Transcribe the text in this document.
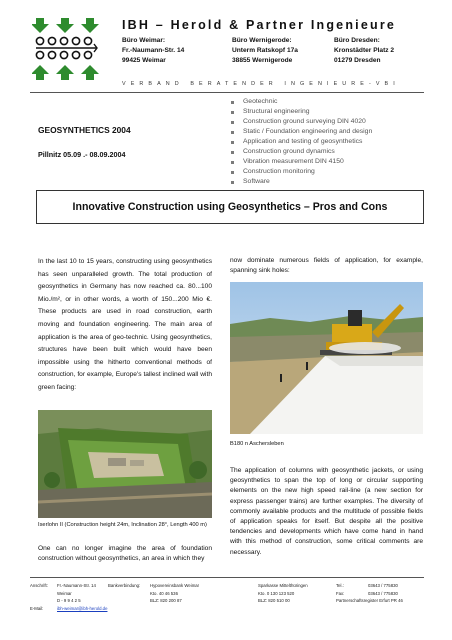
IBH – Herold & Partner Ingenieure
Büro Weimar:
Fr.-Naumann-Str. 14
99425 Weimar
Büro Wernigerode:
Unterm Ratskopf 17a
38855 Wernigerode
Büro Dresden:
Kronstädter Platz 2
01279 Dresden
VERBAND BERATENDER INGENIEURE-VBI
GEOSYNTHETICS 2004
Pillnitz 05.09 .- 08.09.2004
Geotechnic
Structural engineering
Construction ground surveying DIN 4020
Static / Foundation engineering and design
Application and testing of geosynthetics
Construction ground dynamics
Vibration measurement DIN 4150
Construction monitoring
Software
Innovative Construction using Geosynthetics – Pros and Cons
In the last 10 to 15 years, constructing using geosynthetics has seen unparalleled growth. The total production of geosynthetics in Germany has now reached ca. 80...100 Mio./m², or in other words, a worth of 150...200 Mio €. These products are used in road construction, earth moving and foundation engineering. The main area of application is the area of geo-technic. Using geosynthetics, structures have been built which would have been impossible using the hitherto conventional methods of construction, for example, Europe's tallest inclined wall with green facing:
now dominate numerous fields of application, for example, spanning sink holes:
B180 n Aschersleben
The application of columns with geosynthetic jackets, or using geosynthetics to span the top of long or circular supporting elements on the new high speed rail-line (a new section for express passenger trains) are further examples. The diversity of commonly available products and the multitude of possible fields of application speaks for itself. But despite all the positive tendencies and developments which have come hand in hand with this method of construction, some critical comments are necessary.
Iserlohn II (Construction height 24m, Inclination 28°, Length 400 m)
One can no longer imagine the area of foundation construction without geosynthetics, an area in which they
Anschrift:

E-Mail:
Fr.-Naumann-Str. 14
Weimar
D - 9 9 4 2 5
ibh-weimar@ibh-herold.de
Bankverbindung: Hypovereinsbank Weimar
Kto. 40 46 536
BLZ: 820 200 87
Sparkasse Mittelthüringen
Kto. 0 130 123 520
BLZ: 820 510 00
Tel.:
Fax:
Partnerschaftsregister Erfurt PR 46
03643 / 775830
03643 / 775830
